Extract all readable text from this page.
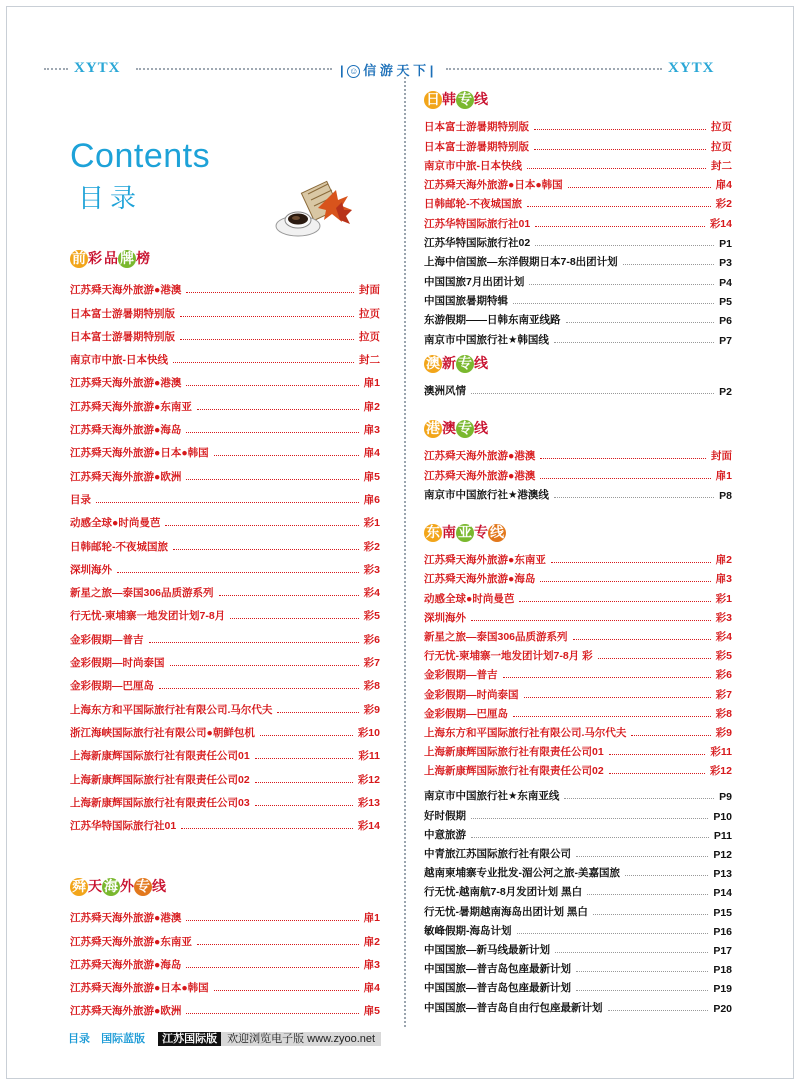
XYTX	| ☺ 信 游 天 下 |	XYTX
Contents
目录
前 彩 品 牌 榜
江苏舜天海外旅游●港澳	封面
日本富士游暑期特别版	拉页
日本富士游暑期特别版	拉页
南京市中旅-日本快线	封二
江苏舜天海外旅游●港澳	扉1
江苏舜天海外旅游●东南亚	扉2
江苏舜天海外旅游●海岛	扉3
江苏舜天海外旅游●日本●韩国	扉4
江苏舜天海外旅游●欧洲	扉5
目录	扉6
动感全球●时尚曼芭	彩1
日韩邮轮-不夜城国旅	彩2
深圳海外	彩3
新星之旅—泰国306品质游系列	彩4
行无忧-柬埔寨一地发团计划7-8月	彩5
金彩假期—普吉	彩6
金彩假期—时尚泰国	彩7
金彩假期—巴厘岛	彩8
上海东方和平国际旅行社有限公司.马尔代夫	彩9
浙江海峡国际旅行社有限公司●朝鲜包机	彩10
上海新康辉国际旅行社有限责任公司01	彩11
上海新康辉国际旅行社有限责任公司02	彩12
上海新康辉国际旅行社有限责任公司03	彩13
江苏华特国际旅行社01	彩14
舜 天 海 外 专 线
江苏舜天海外旅游●港澳	扉1
江苏舜天海外旅游●东南亚	扉2
江苏舜天海外旅游●海岛	扉3
江苏舜天海外旅游●日本●韩国	扉4
江苏舜天海外旅游●欧洲	扉5
日 韩 专 线
日本富士游暑期特别版	拉页
日本富士游暑期特别版	拉页
南京市中旅-日本快线	封二
江苏舜天海外旅游●日本●韩国	扉4
日韩邮轮-不夜城国旅	彩2
江苏华特国际旅行社01	彩14
江苏华特国际旅行社02	P1
上海中信国旅—东洋假期日本7-8出团计划	P3
中国国旅7月出团计划	P4
中国国旅暑期特辑	P5
东游假期——日韩东南亚线路	P6
南京市中国旅行社★韩国线	P7
澳 新 专 线
澳洲风情	P2
港 澳 专 线
江苏舜天海外旅游●港澳	封面
江苏舜天海外旅游●港澳	扉1
南京市中国旅行社★港澳线	P8
东 南 亚 专 线
江苏舜天海外旅游●东南亚	扉2
江苏舜天海外旅游●海岛	扉3
动感全球●时尚曼芭	彩1
深圳海外	彩3
新星之旅—泰国306品质游系列	彩4
行无忧-柬埔寨一地发团计划7-8月 彩	彩5
金彩假期—普吉	彩6
金彩假期—时尚泰国	彩7
金彩假期—巴厘岛	彩8
上海东方和平国际旅行社有限公司.马尔代夫	彩9
上海新康辉国际旅行社有限责任公司01	彩11
上海新康辉国际旅行社有限责任公司02	彩12
南京市中国旅行社★东南亚线	P9
好时假期	P10
中意旅游	P11
中青旅江苏国际旅行社有限公司	P12
越南柬埔寨专业批发-湄公河之旅-美嘉国旅	P13
行无忧-越南航7-8月发团计划 黑白	P14
行无忧-暑期越南海岛出团计划 黑白	P15
敏峰假期-海岛计划	P16
中国国旅—新马线最新计划	P17
中国国旅—普吉岛包座最新计划	P18
中国国旅—普吉岛包座最新计划	P19
中国国旅—普吉岛自由行包座最新计划	P20
目录 国际蓝版 江苏国际版 欢迎浏览电子版 www.zyoo.net
